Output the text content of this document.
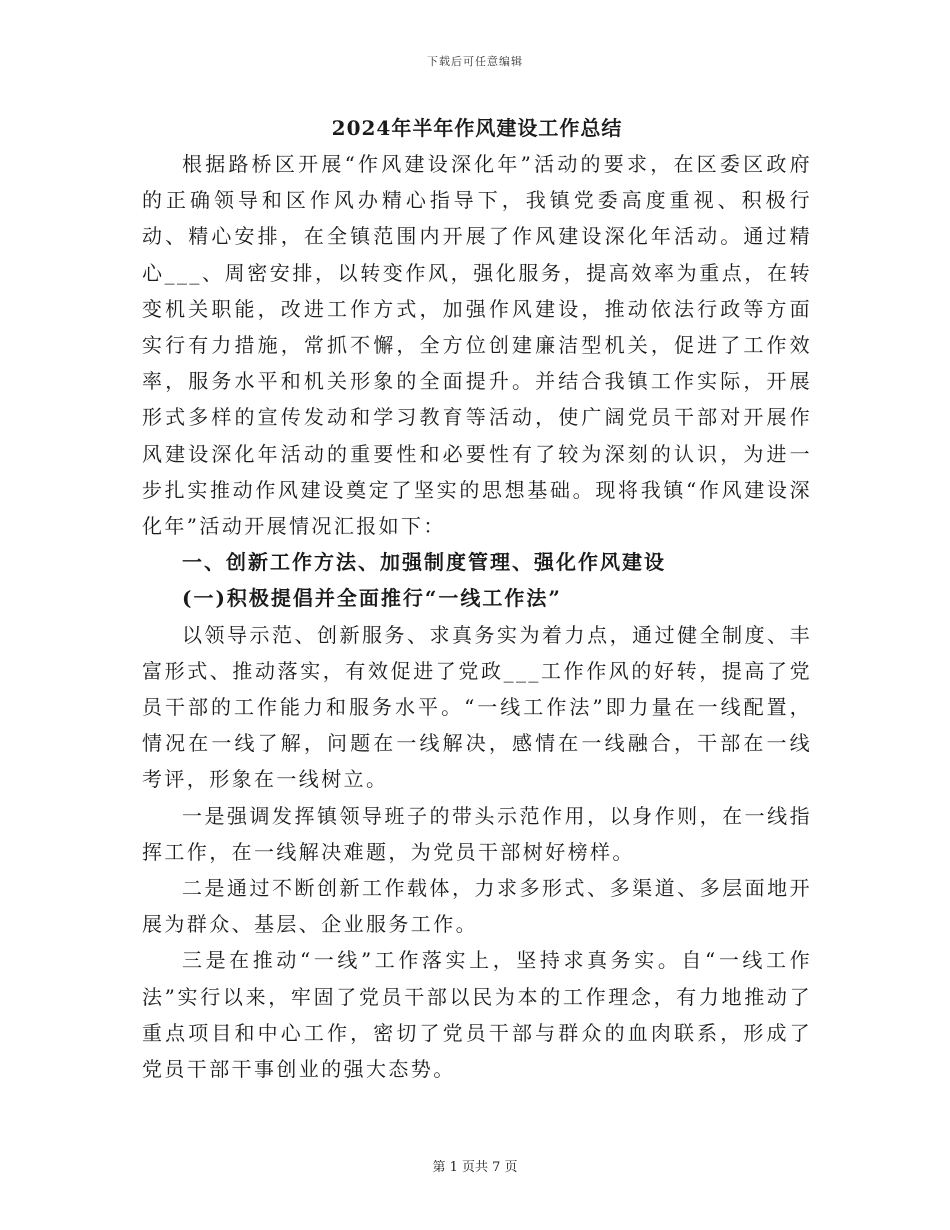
下载后可任意编辑
2024年半年作风建设工作总结

根据路桥区开展“作风建设深化年”活动的要求，在区委区政府的正确领导和区作风办精心指导下，我镇党委高度重视、积极行动、精心安排，在全镇范围内开展了作风建设深化年活动。通过精心___、周密安排，以转变作风，强化服务，提高效率为重点，在转变机关职能，改进工作方式，加强作风建设，推动依法行政等方面实行有力措施，常抓不懈，全方位创建廉洁型机关，促进了工作效率，服务水平和机关形象的全面提升。并结合我镇工作实际，开展形式多样的宣传发动和学习教育等活动，使广阔党员干部对开展作风建设深化年活动的重要性和必要性有了较为深刻的认识，为进一步扎实推动作风建设奠定了坚实的思想基础。现将我镇“作风建设深化年”活动开展情况汇报如下：

一、创新工作方法、加强制度管理、强化作风建设

(一)积极提倡并全面推行“一线工作法”

以领导示范、创新服务、求真务实为着力点，通过健全制度、丰富形式、推动落实，有效促进了党政___工作作风的好转，提高了党员干部的工作能力和服务水平。“一线工作法”即力量在一线配置，情况在一线了解，问题在一线解决，感情在一线融合，干部在一线考评，形象在一线树立。

一是强调发挥镇领导班子的带头示范作用，以身作则，在一线指挥工作，在一线解决难题，为党员干部树好榜样。

二是通过不断创新工作载体，力求多形式、多渠道、多层面地开展为群众、基层、企业服务工作。

三是在推动“一线”工作落实上，坚持求真务实。自“一线工作法”实行以来，牢固了党员干部以民为本的工作理念，有力地推动了重点项目和中心工作，密切了党员干部与群众的血肉联系，形成了党员干部干事创业的强大态势。

第 1 页共 7 页
